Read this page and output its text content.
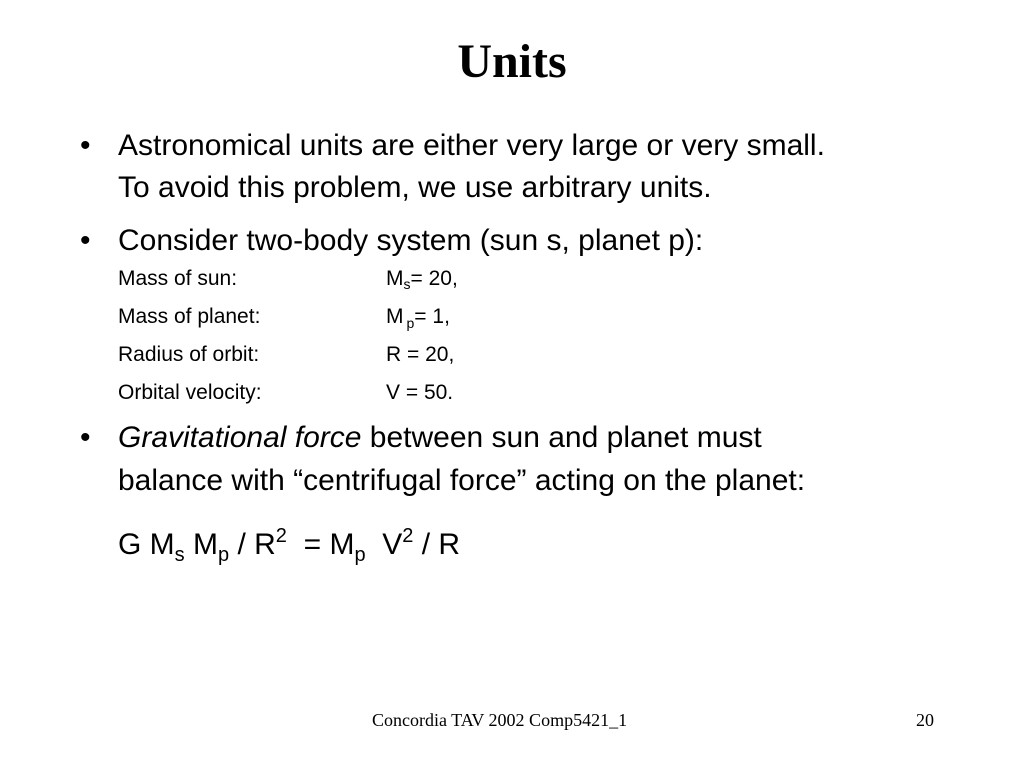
Units
• Astronomical units are either very large or very small.
To avoid this problem, we use arbitrary units.
• Consider two-body system (sun s, planet p):
Mass of sun:	$M_s= 20$,
Mass of planet:	M $_p$= 1,
Radius of orbit:	R = 20,
Orbital velocity:	V = 50.
• Gravitational force between sun and planet must
balance with “centrifugal force” acting on the planet:
G $M_s$ $M_p / R^2 = M_p$  $V^2$ / R
Concordia TAV 2002 Comp5421_1	20
